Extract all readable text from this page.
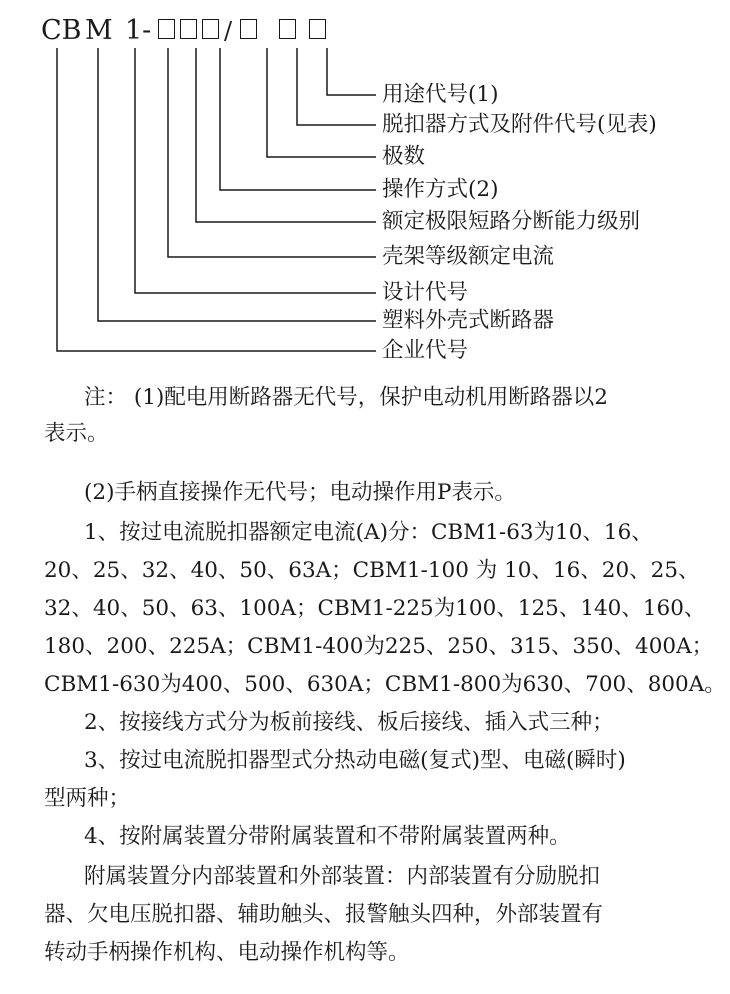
CB M 1-	/
用途代号(1)
脱扣器方式及附件代号(见表)
极数
操作方式(2)
额定极限短路分断能力级别
壳架等级额定电流
设计代号
塑料外壳式断路器
企业代号
注： (1)配电用断路器无代号，保护电动机用断路器以2
表示。
(2)手柄直接操作无代号；电动操作用P表示。
1、按过电流脱扣器额定电流(A)分：CBM1-63为10、16、
20、25、32、40、50、63A；CBM1-100 为 10、16、20、25、
32、40、50、63、100A；CBM1-225为100、125、140、160、
180、200、225A；CBM1-400为225、250、315、350、400A；
CBM1-630为400、500、630A；CBM1-800为630、700、800A。
2、按接线方式分为板前接线、板后接线、插入式三种；
3、按过电流脱扣器型式分热动电磁(复式)型、电磁(瞬时)
型两种；
4、按附属装置分带附属装置和不带附属装置两种。
附属装置分内部装置和外部装置：内部装置有分励脱扣
器、欠电压脱扣器、辅助触头、报警触头四种，外部装置有
转动手柄操作机构、电动操作机构等。
